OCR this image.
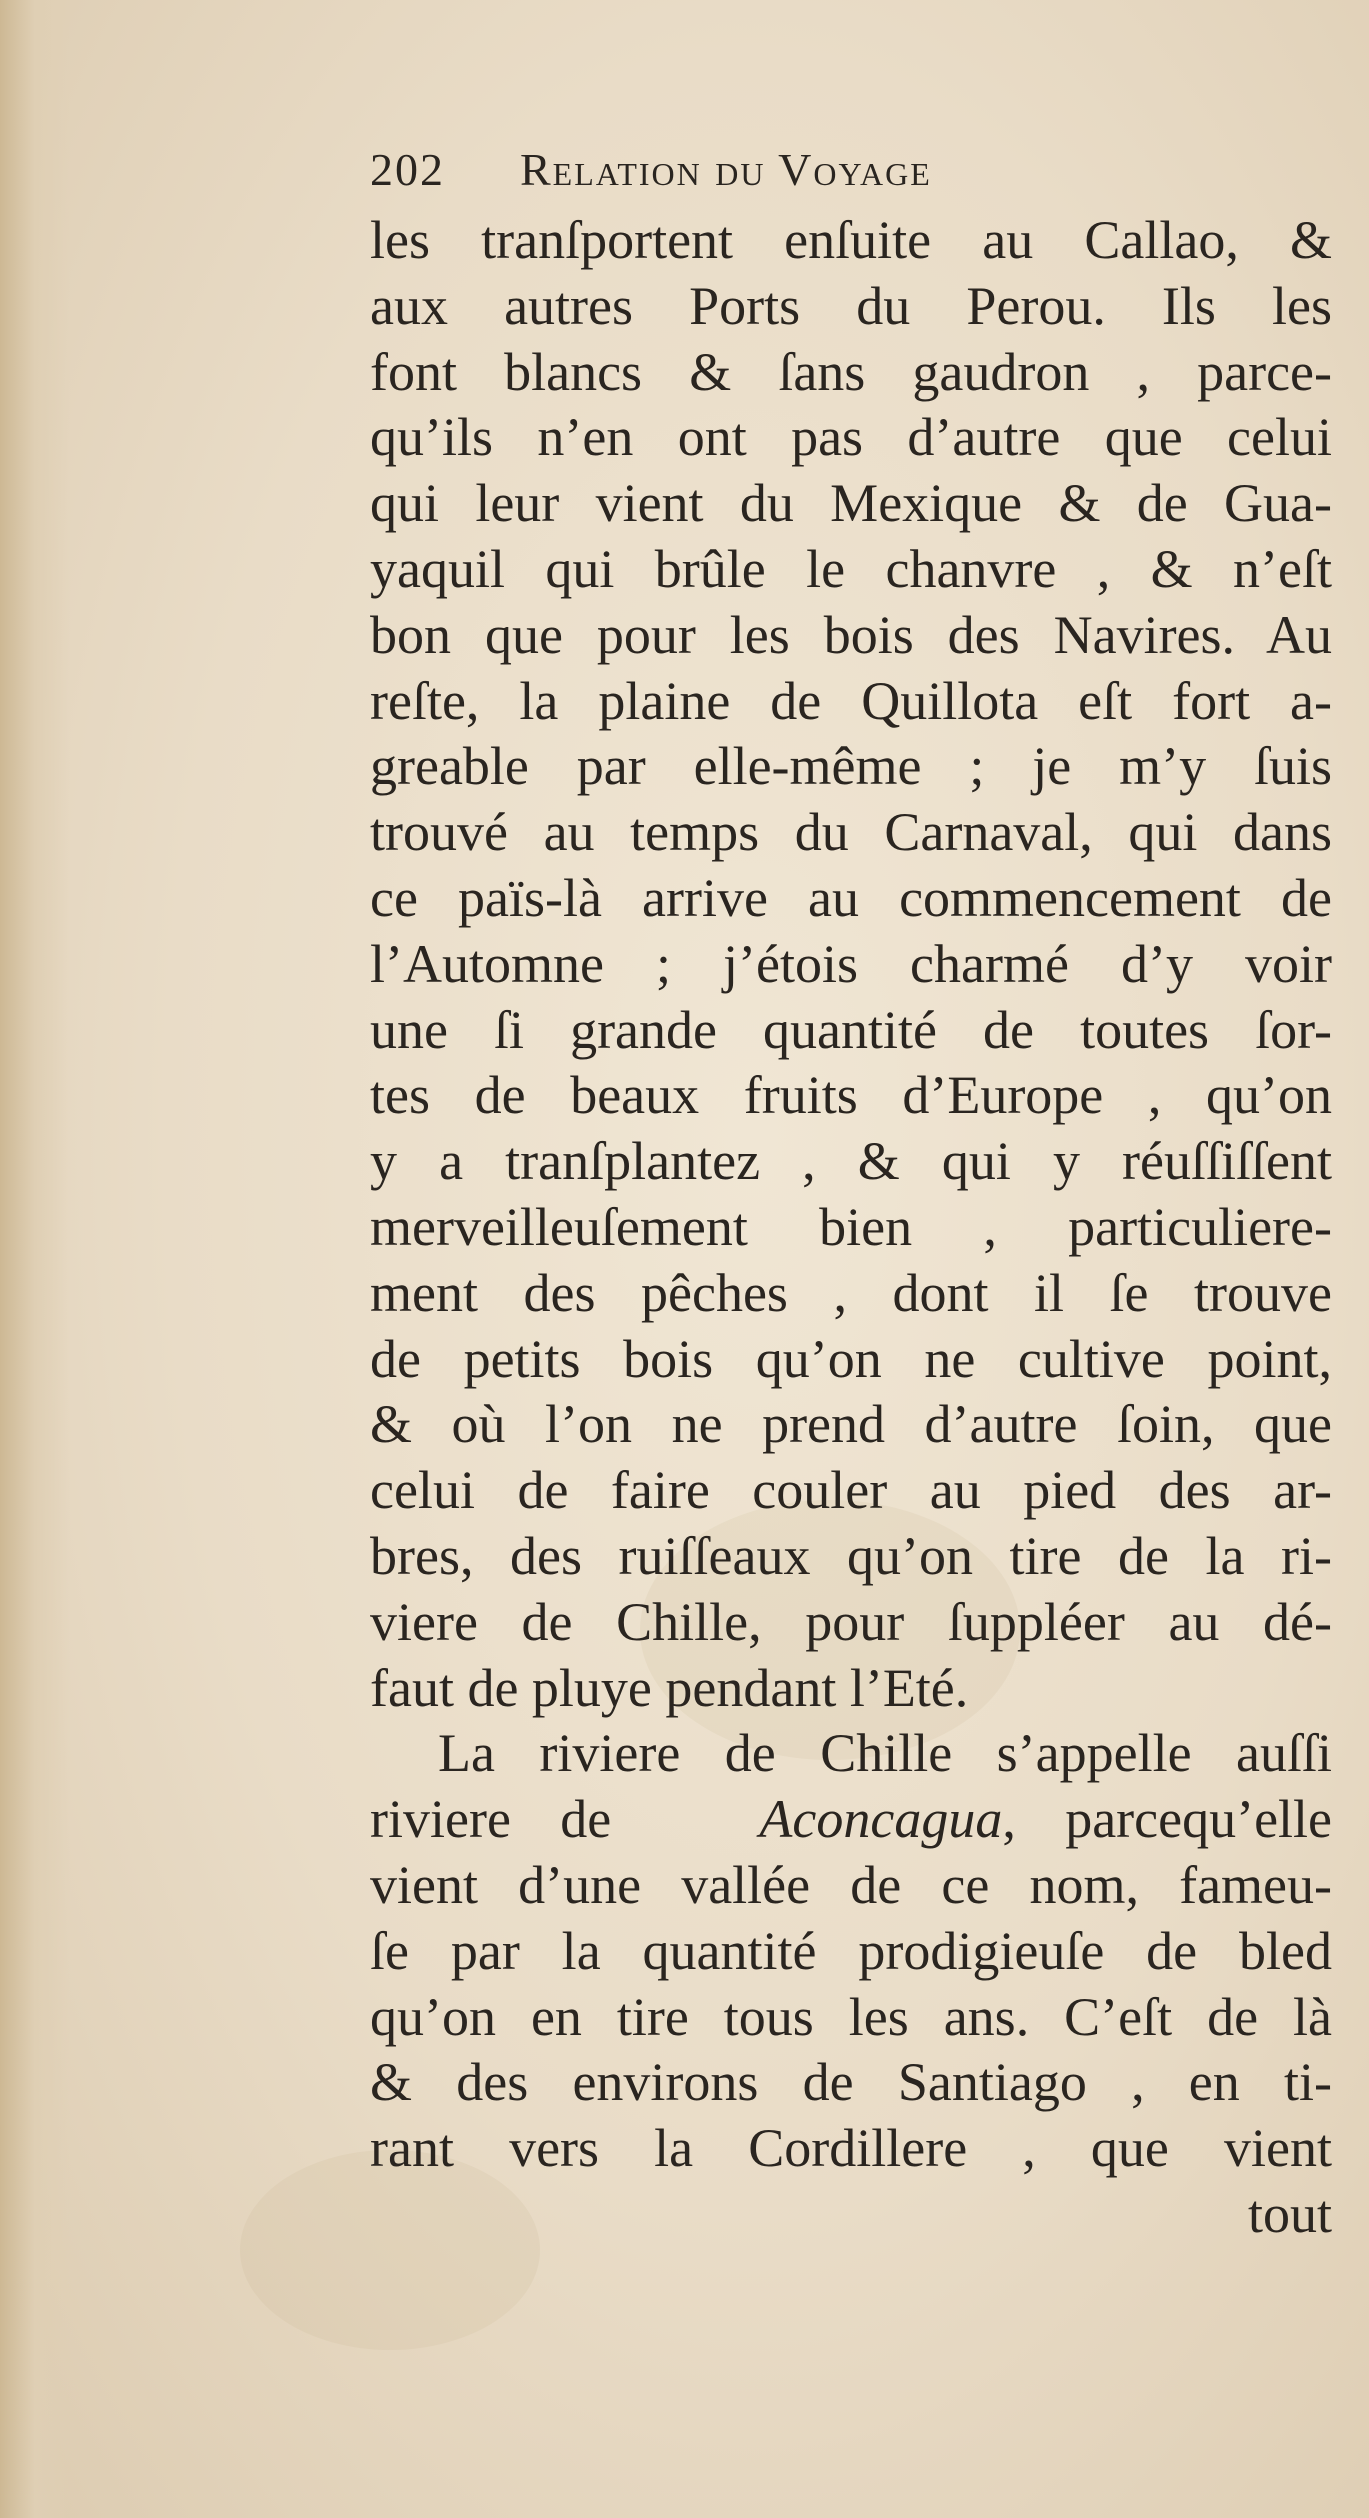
202 Relation du Voyage
les tranſportent enſuite au Callao, &
aux autres Ports du Perou. Ils les
font blancs & ſans gaudron , parce-
qu’ils n’en ont pas d’autre que celui
qui leur vient du Mexique & de Gua-
yaquil qui brûle le chanvre , & n’eſt
bon que pour les bois des Navires. Au
reſte, la plaine de Quillota eſt fort a-
greable par elle-même ; je m’y ſuis
trouvé au temps du Carnaval, qui dans
ce païs-là arrive au commencement de
l’Automne ; j’étois charmé d’y voir
une ſi grande quantité de toutes ſor-
tes de beaux fruits d’Europe , qu’on
y a tranſplantez , & qui y réuſſiſſent
merveilleuſement bien , particuliere-
ment des pêches , dont il ſe trouve
de petits bois qu’on ne cultive point,
& où l’on ne prend d’autre ſoin, que
celui de faire couler au pied des ar-
bres, des ruiſſeaux qu’on tire de la ri-
viere de Chille, pour ſuppléer au dé-
faut de pluye pendant l’Eté.
La riviere de Chille s’appelle auſſi
riviere de	Aconcagua, parcequ’elle
vient d’une vallée de ce nom, fameu-
ſe par la quantité prodigieuſe de bled
qu’on en tire tous les ans. C’eſt de là
& des environs de Santiago , en ti-
rant vers la Cordillere , que vient
tout
